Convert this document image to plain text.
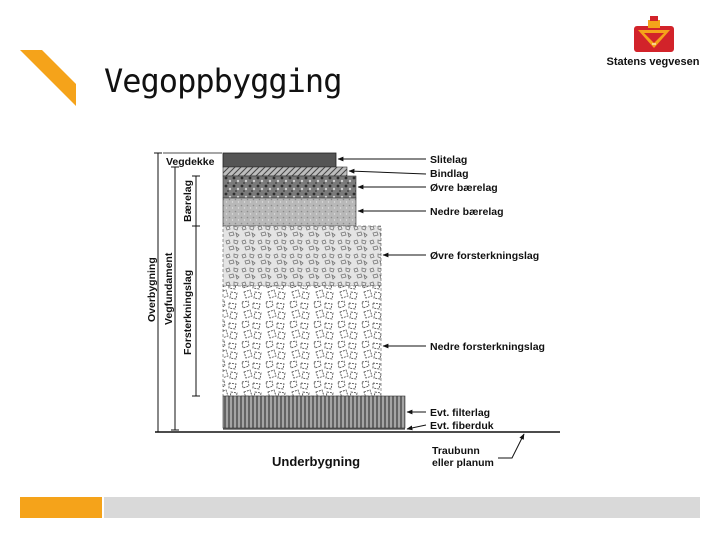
Vegoppbygging	Statens vegvesen
Vegdekke
Bærelag
Forsterkningslag
Vegfundament
Overbygning
Slitelag
Bindlag
Øvre bærelag
Nedre bærelag
Øvre forsterkningslag
Nedre forsterkningslag
Evt. filterlag
Evt. fiberduk
Underbygning
Traubunn
eller planum
